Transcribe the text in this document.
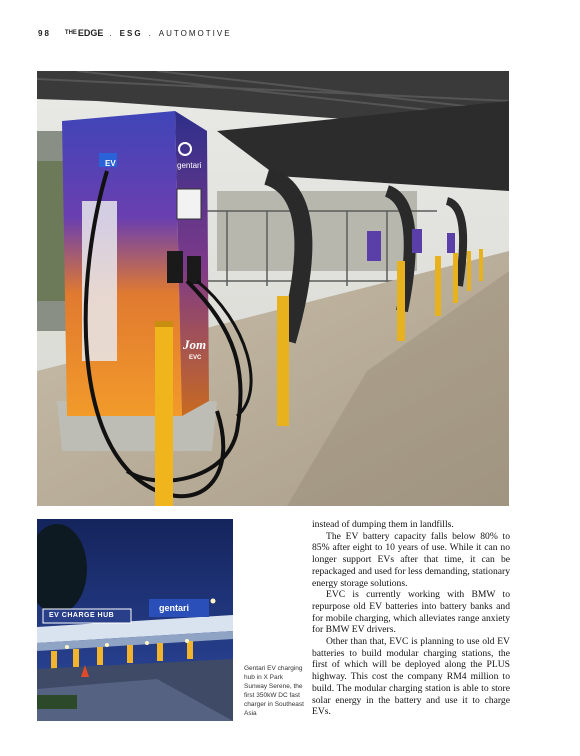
98 $^{THE}$EDGE . ESG . AUTOMOTIVE
EV	gentari
Jom
EVC
EV CHARGE HUB
gentari
Gentari EV charging hub in X Park Sunway Serene, the first 350kW DC fast charger in Southeast Asia

instead of dumping them in landfills.

The EV battery capacity falls below 80% to 85% after eight to 10 years of use. While it can no longer support EVs after that time, it can be repackaged and used for less demanding, stationary energy storage solutions.

EVC is currently working with BMW to repurpose old EV batteries into battery banks and for mobile charging, which alleviates range anxiety for BMW EV drivers.

Other than that, EVC is planning to use old EV batteries to build modular charging stations, the first of which will be deployed along the PLUS highway. This cost the company RM4 million to build. The modular charging station is able to store solar energy in the battery and use it to charge EVs.
